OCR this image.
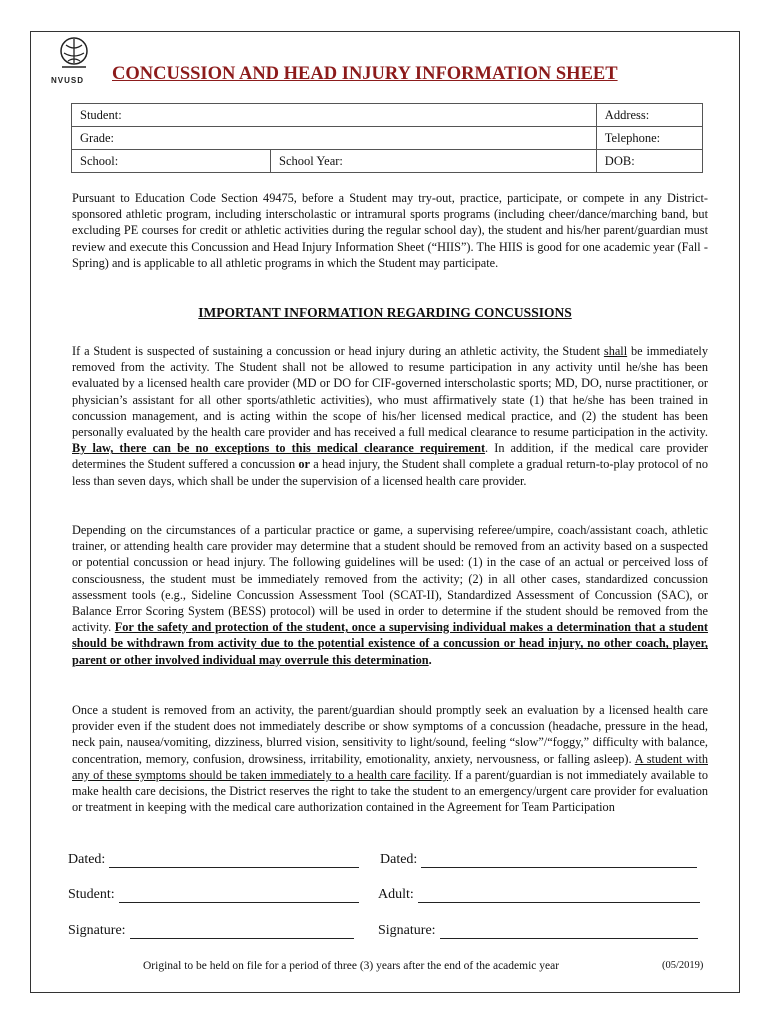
NVUSD CONCUSSION AND HEAD INJURY INFORMATION SHEET
Student:		Address:
Grade:		Telephone:
School:	School Year:	DOB:

Pursuant to Education Code Section 49475, before a Student may try-out, practice, participate, or compete in any District-sponsored athletic program, including interscholastic or intramural sports programs (including cheer/dance/marching band, but excluding PE courses for credit or athletic activities during the regular school day), the student and his/her parent/guardian must review and execute this Concussion and Head Injury Information Sheet (“HIIS”). The HIIS is good for one academic year (Fall - Spring) and is applicable to all athletic programs in which the Student may participate.

IMPORTANT INFORMATION REGARDING CONCUSSIONS

If a Student is suspected of sustaining a concussion or head injury during an athletic activity, the Student shall be immediately removed from the activity. The Student shall not be allowed to resume participation in any activity until he/she has been evaluated by a licensed health care provider (MD or DO for CIF-governed interscholastic sports; MD, DO, nurse practitioner, or physician’s assistant for all other sports/athletic activities), who must affirmatively state (1) that he/she has been trained in concussion management, and is acting within the scope of his/her licensed medical practice, and (2) the student has been personally evaluated by the health care provider and has received a full medical clearance to resume participation in the activity. By law, there can be no exceptions to this medical clearance requirement. In addition, if the medical care provider determines the Student suffered a concussion or a head injury, the Student shall complete a gradual return-to-play protocol of no less than seven days, which shall be under the supervision of a licensed health care provider.

Depending on the circumstances of a particular practice or game, a supervising referee/umpire, coach/assistant coach, athletic trainer, or attending health care provider may determine that a student should be removed from an activity based on a suspected or potential concussion or head injury. The following guidelines will be used: (1) in the case of an actual or perceived loss of consciousness, the student must be immediately removed from the activity; (2) in all other cases, standardized concussion assessment tools (e.g., Sideline Concussion Assessment Tool (SCAT-II), Standardized Assessment of Concussion (SAC), or Balance Error Scoring System (BESS) protocol) will be used in order to determine if the student should be removed from the activity. For the safety and protection of the student, once a supervising individual makes a determination that a student should be withdrawn from activity due to the potential existence of a concussion or head injury, no other coach, player, parent or other involved individual may overrule this determination.

Once a student is removed from an activity, the parent/guardian should promptly seek an evaluation by a licensed health care provider even if the student does not immediately describe or show symptoms of a concussion (headache, pressure in the head, neck pain, nausea/vomiting, dizziness, blurred vision, sensitivity to light/sound, feeling “slow”/“foggy,” difficulty with balance, concentration, memory, confusion, drowsiness, irritability, emotionality, anxiety, nervousness, or falling asleep). A student with any of these symptoms should be taken immediately to a health care facility. If a parent/guardian is not immediately available to make health care decisions, the District reserves the right to take the student to an emergency/urgent care provider for evaluation or treatment in keeping with the medical care authorization contained in the Agreement for Team Participation

Dated:	Dated:
Student:	Adult:
Signature:	Signature:
Original to be held on file for a period of three (3) years after the end of the academic year	(05/2019)
